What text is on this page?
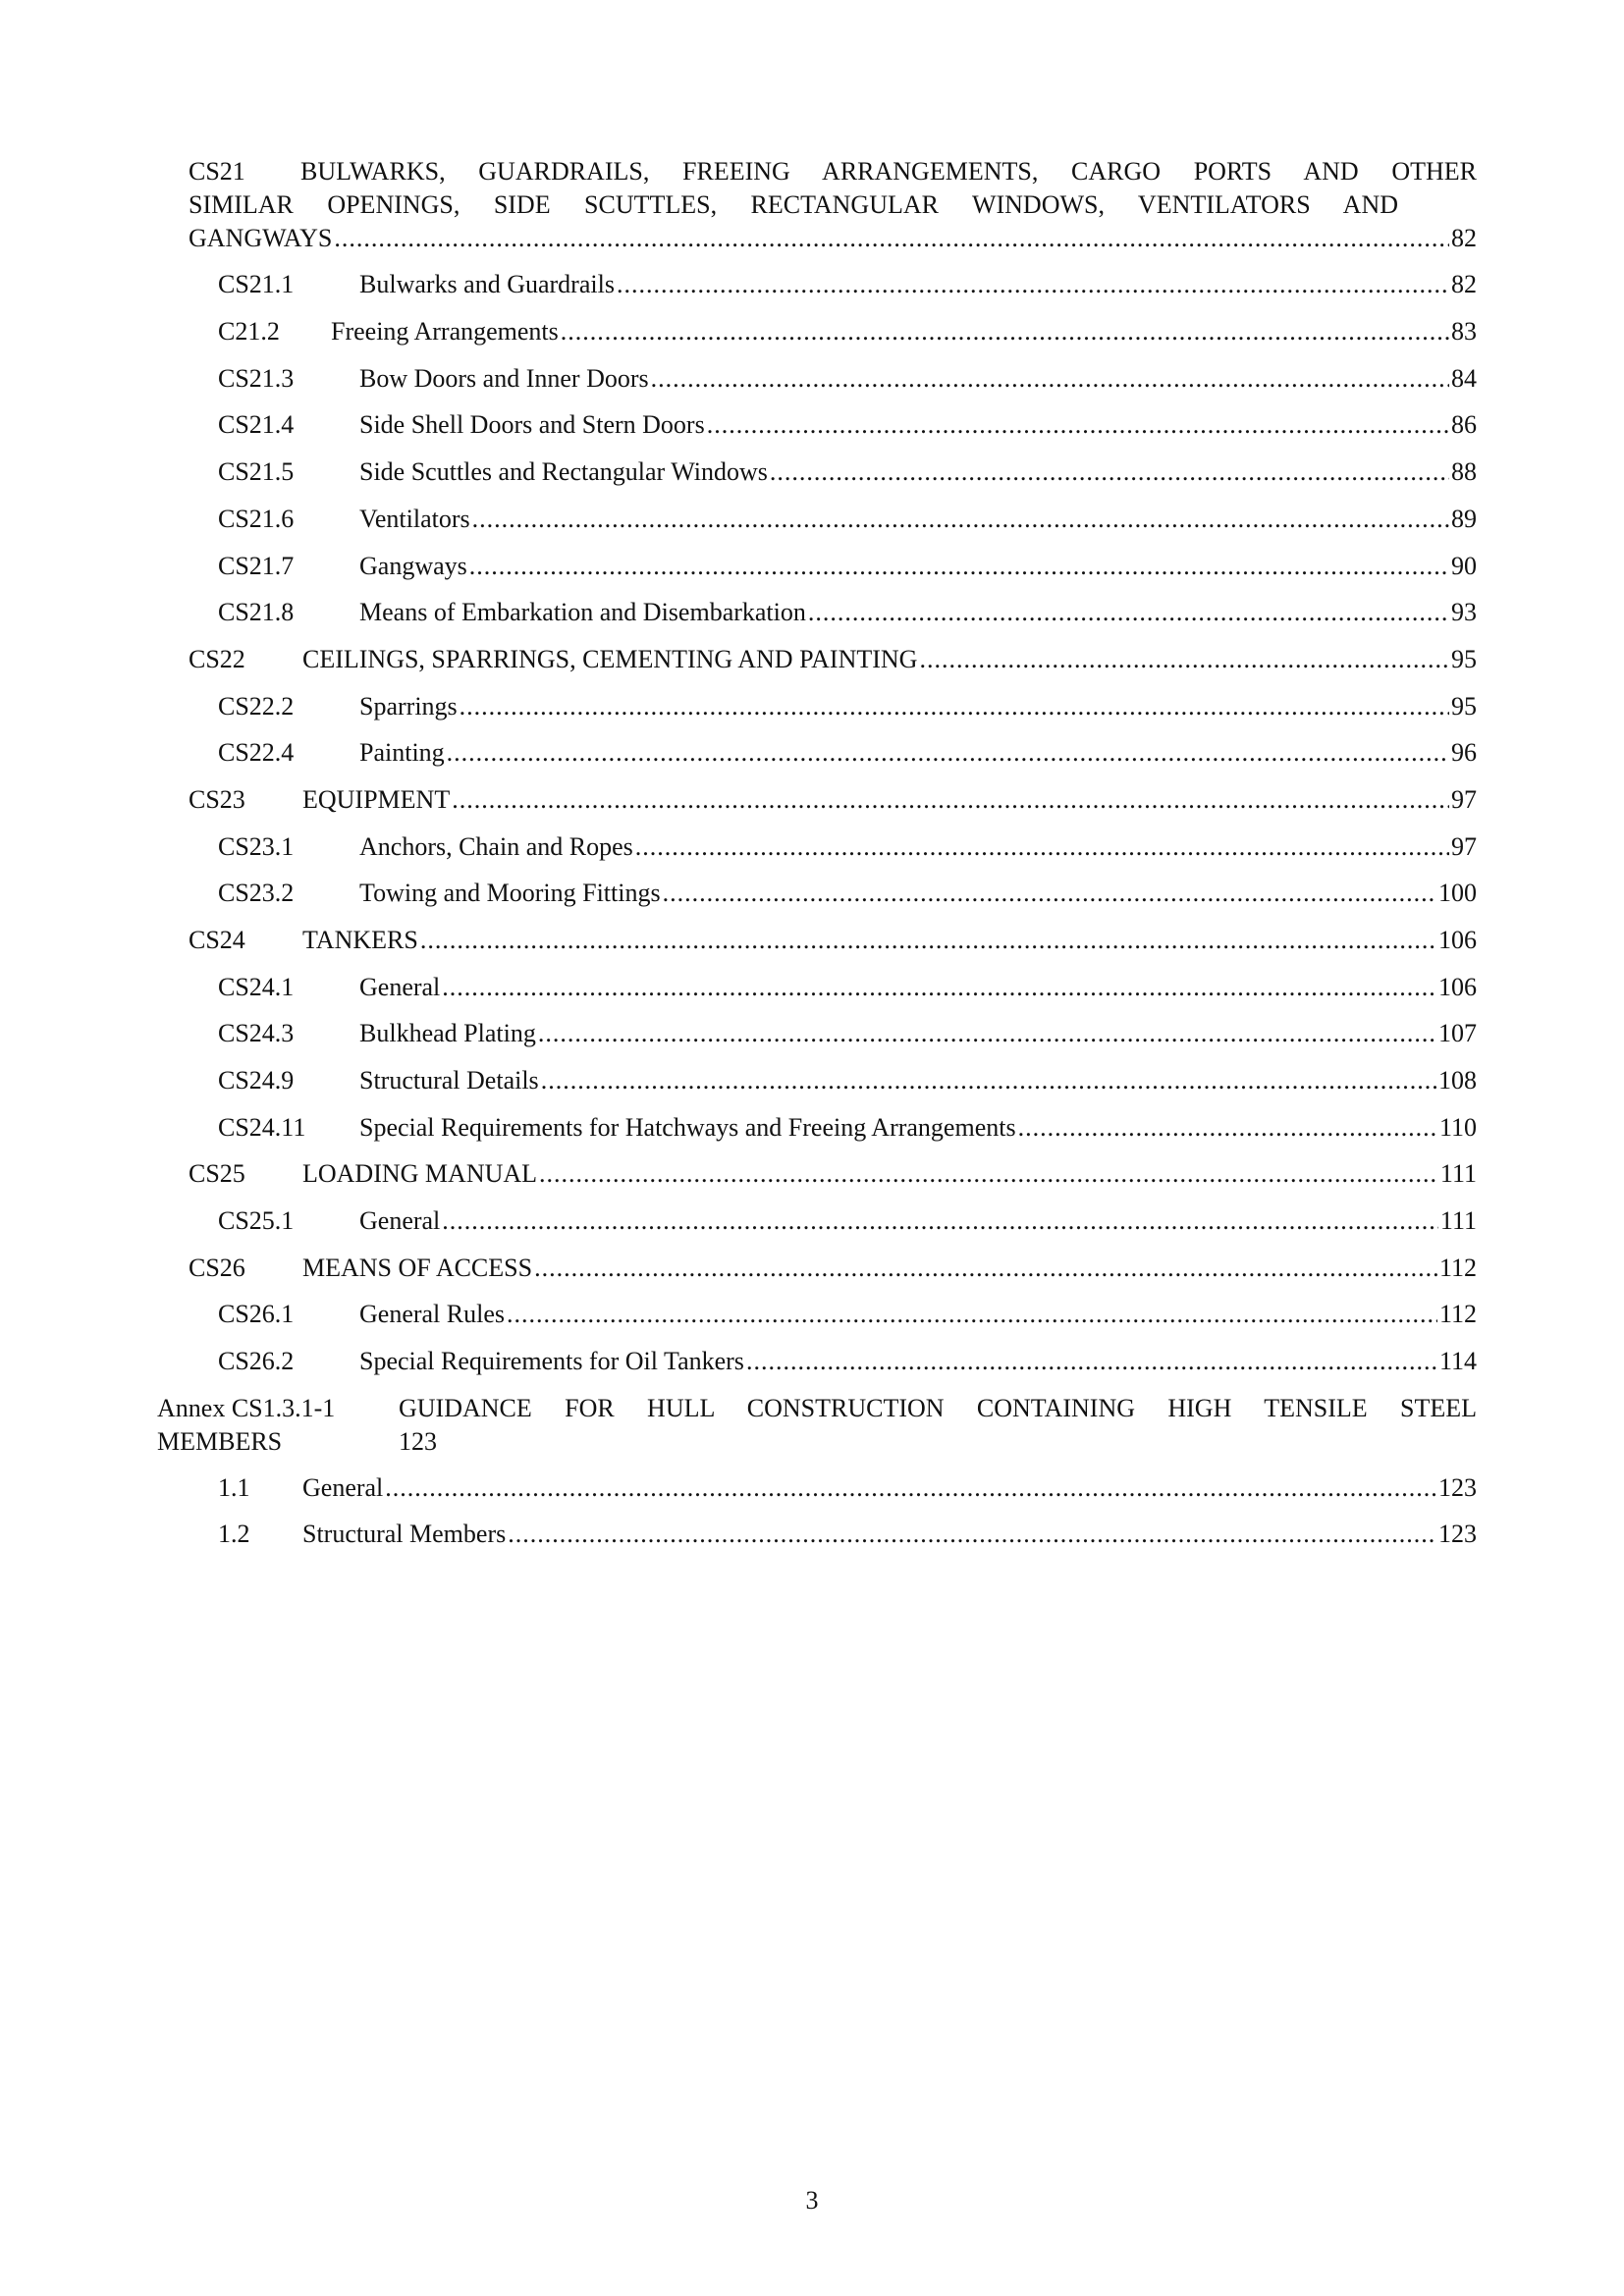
CS21 BULWARKS, GUARDRAILS, FREEING ARRANGEMENTS, CARGO PORTS AND OTHER
SIMILAR OPENINGS, SIDE SCUTTLES, RECTANGULAR WINDOWS, VENTILATORS AND
GANGWAYS .....	82
CS21.1	Bulwarks and Guardrails .....	82
C21.2 Freeing Arrangements .....	83
CS21.3	Bow Doors and Inner Doors .....	84
CS21.4	Side Shell Doors and Stern Doors .....	86
CS21.5	Side Scuttles and Rectangular Windows .....	88
CS21.6	Ventilators .....	89
CS21.7	Gangways .....	90
CS21.8	Means of Embarkation and Disembarkation .....	93
CS22 CEILINGS, SPARRINGS, CEMENTING AND PAINTING .....	95
CS22.2	Sparrings .....	95
CS22.4	Painting .....	96
CS23 EQUIPMENT .....	97
CS23.1	Anchors, Chain and Ropes .....	97
CS23.2	Towing and Mooring Fittings .....	100
CS24 TANKERS .....	106
CS24.1	General .....	106
CS24.3	Bulkhead Plating .....	107
CS24.9	Structural Details .....	108
CS24.11 Special Requirements for Hatchways and Freeing Arrangements .....	110
CS25 LOADING MANUAL .....	111
CS25.1	General .....	111
CS26 MEANS OF ACCESS .....	112
CS26.1	General Rules .....	112
CS26.2	Special Requirements for Oil Tankers .....	114
Annex CS1.3.1-1 GUIDANCE FOR HULL CONSTRUCTION CONTAINING HIGH TENSILE STEEL
MEMBERS	123
1.1 General .....	123
1.2 Structural Members .....	123
3
